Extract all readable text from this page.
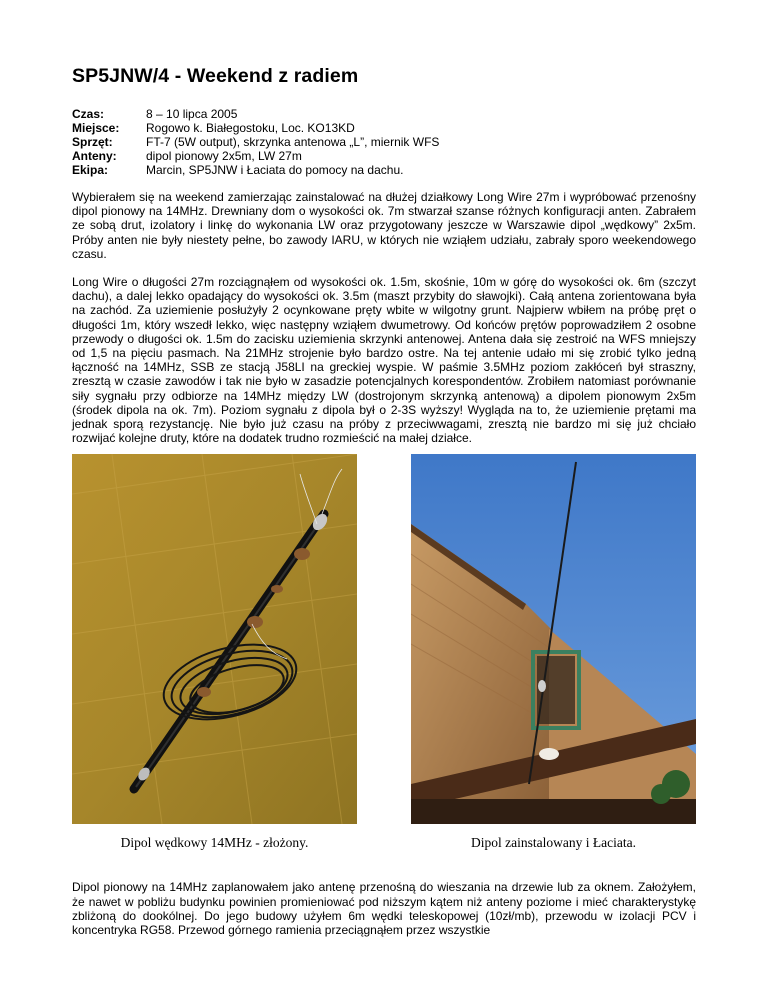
SP5JNW/4 - Weekend z radiem
Czas:	8 – 10 lipca 2005
Miejsce:	Rogowo k. Białegostoku, Loc. KO13KD
Sprzęt:	FT-7 (5W output), skrzynka antenowa „L”, miernik WFS
Anteny:	dipol pionowy 2x5m, LW 27m
Ekipa:	Marcin, SP5JNW i Łaciata do pomocy na dachu.

Wybierałem się na weekend zamierzając zainstalować na dłużej działkowy Long Wire 27m i wypróbować przenośny dipol pionowy na 14MHz. Drewniany dom o wysokości ok. 7m stwarzał szanse różnych konfiguracji anten. Zabrałem ze sobą drut, izolatory i linkę do wykonania LW oraz przygotowany jeszcze w Warszawie dipol „wędkowy” 2x5m. Próby anten nie były niestety pełne, bo zawody IARU, w których nie wziąłem udziału, zabrały sporo weekendowego czasu.

Long Wire o długości 27m rozciągnąłem od wysokości ok. 1.5m, skośnie, 10m w górę do wysokości ok. 6m (szczyt dachu), a dalej lekko opadający do wysokości ok. 3.5m (maszt przybity do sławojki). Całą antena zorientowana była na zachód. Za uziemienie posłużyły 2 ocynkowane pręty wbite w wilgotny grunt. Najpierw wbiłem na próbę pręt o długości 1m, który wszedł lekko, więc następny wziąłem dwumetrowy. Od końców prętów poprowadziłem 2 osobne przewody o długości ok. 1.5m do zacisku uziemienia skrzynki antenowej. Antena dała się zestroić na WFS mniejszy od 1,5 na pięciu pasmach. Na 21MHz strojenie było bardzo ostre. Na tej antenie udało mi się zrobić tylko jedną łączność na 14MHz, SSB ze stacją J58LI na greckiej wyspie. W paśmie 3.5MHz poziom zakłóceń był straszny, zresztą w czasie zawodów i tak nie było w zasadzie potencjalnych korespondentów. Zrobiłem natomiast porównanie siły sygnału przy odbiorze na 14MHz między LW (dostrojonym skrzynką antenową) a dipolem pionowym 2x5m (środek dipola na ok. 7m). Poziom sygnału z dipola był o 2-3S wyższy! Wygląda na to, że uziemienie prętami ma jednak sporą rezystancję. Nie było już czasu na próby z przeciwwagami, zresztą nie bardzo mi się już chciało rozwijać kolejne druty, które na dodatek trudno rozmieścić na małej działce.

Dipol wędkowy 14MHz - złożony.	Dipol zainstalowany i Łaciata.

Dipol pionowy na 14MHz zaplanowałem jako antenę przenośną do wieszania na drzewie lub za oknem. Założyłem, że nawet w pobliżu budynku powinien promieniować pod niższym kątem niż anteny poziome i mieć charakterystykę zbliżoną do dookólnej. Do jego budowy użyłem 6m wędki teleskopowej (10zł/mb), przewodu w izolacji PCV i koncentryka RG58. Przewod górnego ramienia przeciągnąłem przez wszystkie
